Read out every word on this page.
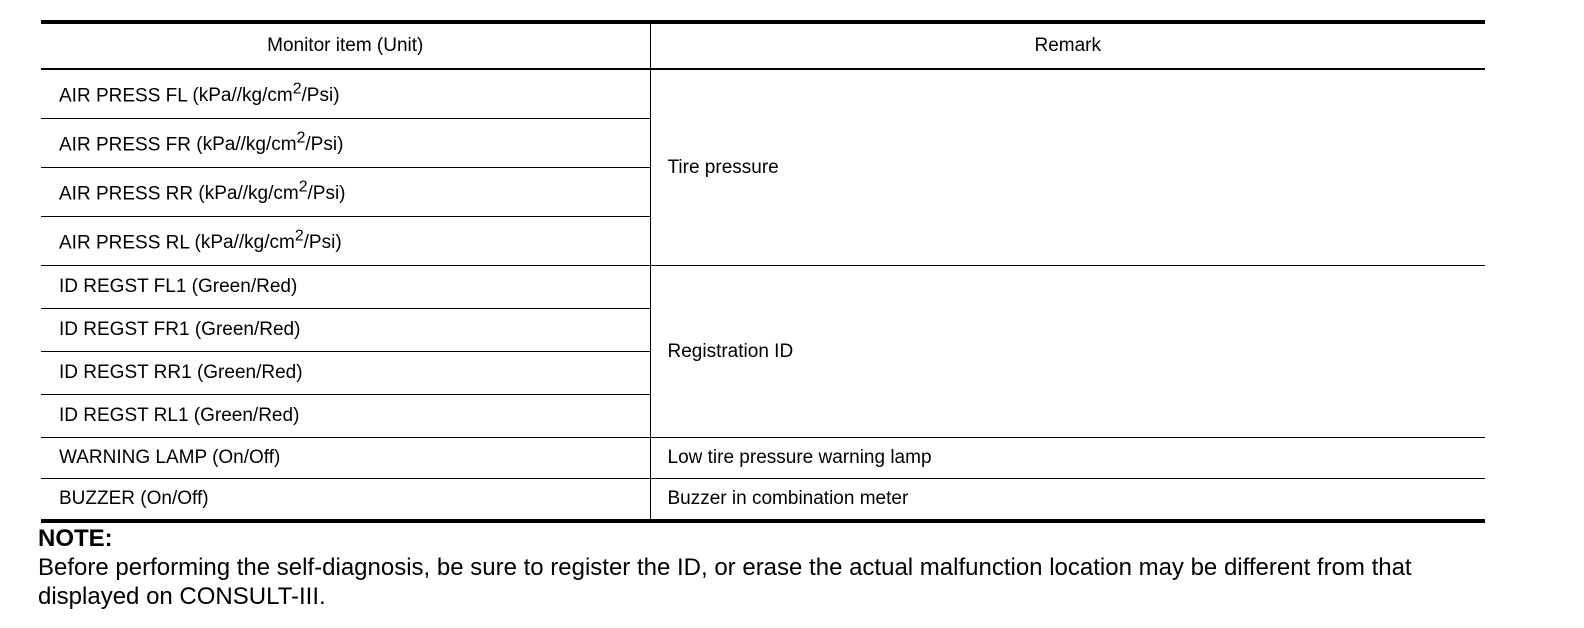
Monitor item (Unit)	Remark
AIR PRESS FL $(kPa//kg/cm^2/Psi)$	Tire pressure
AIR PRESS FR $(kPa//kg/cm^2/Psi)$	
AIR PRESS RR $(kPa//kg/cm^2/Psi)$	
AIR PRESS RL $(kPa//kg/cm^2/Psi)$	
ID REGST FL1 (Green/Red)	Registration ID
ID REGST FR1 (Green/Red)	
ID REGST RR1 (Green/Red)	
ID REGST RL1 (Green/Red)	
WARNING LAMP (On/Off)	Low tire pressure warning lamp
BUZZER (On/Off)	Buzzer in combination meter
NOTE:
Before performing the self-diagnosis, be sure to register the ID, or erase the actual malfunction location may be different from that displayed on CONSULT-III.
